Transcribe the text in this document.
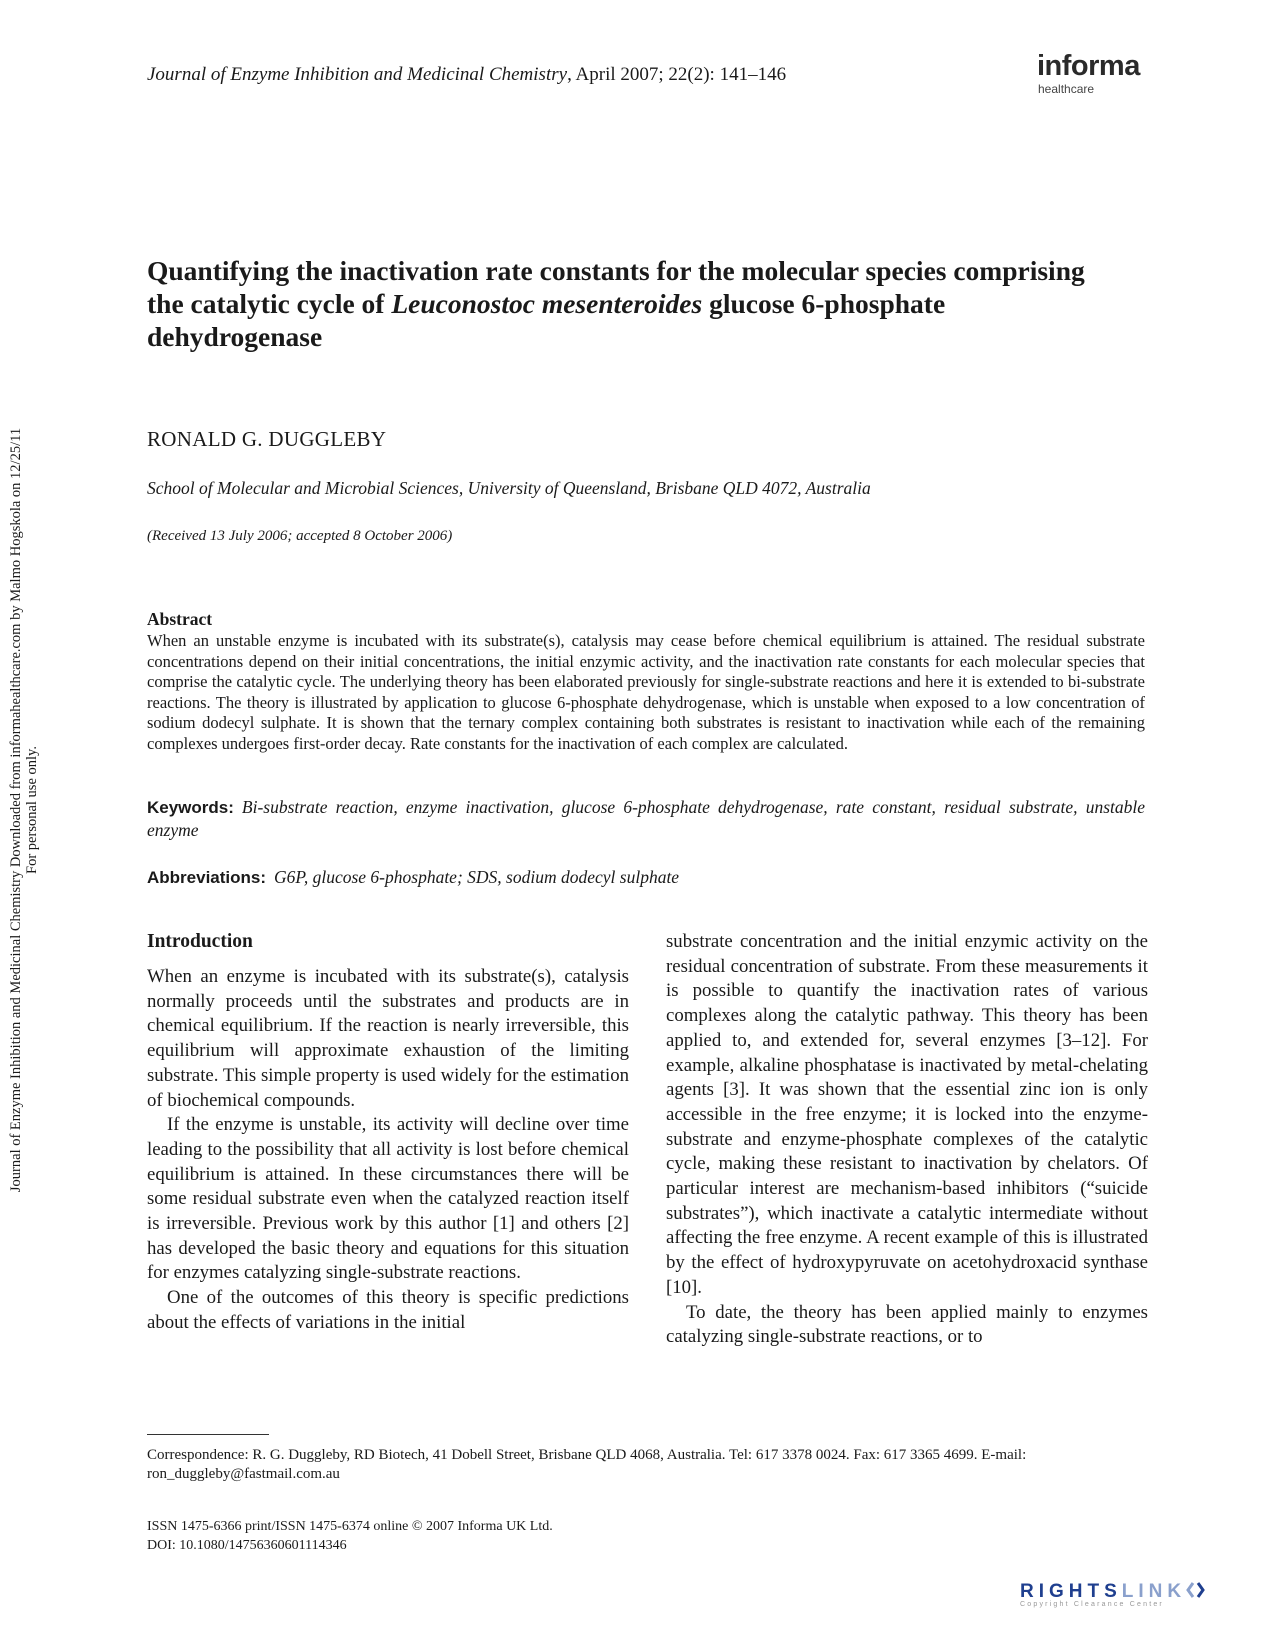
Journal of Enzyme Inhibition and Medicinal Chemistry, April 2007; 22(2): 141–146	informa
healthcare
Quantifying the inactivation rate constants for the molecular species comprising the catalytic cycle of Leuconostoc mesenteroides glucose 6-phosphate dehydrogenase
RONALD G. DUGGLEBY
School of Molecular and Microbial Sciences, University of Queensland, Brisbane QLD 4072, Australia
(Received 13 July 2006; accepted 8 October 2006)
Abstract
When an unstable enzyme is incubated with its substrate(s), catalysis may cease before chemical equilibrium is attained. The residual substrate concentrations depend on their initial concentrations, the initial enzymic activity, and the inactivation rate constants for each molecular species that comprise the catalytic cycle. The underlying theory has been elaborated previously for single-substrate reactions and here it is extended to bi-substrate reactions. The theory is illustrated by application to glucose 6-phosphate dehydrogenase, which is unstable when exposed to a low concentration of sodium dodecyl sulphate. It is shown that the ternary complex containing both substrates is resistant to inactivation while each of the remaining complexes undergoes first-order decay. Rate constants for the inactivation of each complex are calculated.
Keywords: Bi-substrate reaction, enzyme inactivation, glucose 6-phosphate dehydrogenase, rate constant, residual substrate, unstable enzyme
Abbreviations: G6P, glucose 6-phosphate; SDS, sodium dodecyl sulphate
Introduction

When an enzyme is incubated with its substrate(s), catalysis normally proceeds until the substrates and products are in chemical equilibrium. If the reaction is nearly irreversible, this equilibrium will approximate exhaustion of the limiting substrate. This simple property is used widely for the estimation of biochemical compounds.

If the enzyme is unstable, its activity will decline over time leading to the possibility that all activity is lost before chemical equilibrium is attained. In these circumstances there will be some residual substrate even when the catalyzed reaction itself is irreversible. Previous work by this author [1] and others [2] has developed the basic theory and equations for this situation for enzymes catalyzing single-substrate reactions.

One of the outcomes of this theory is specific predictions about the effects of variations in the initial

substrate concentration and the initial enzymic activity on the residual concentration of substrate. From these measurements it is possible to quantify the inactivation rates of various complexes along the catalytic pathway. This theory has been applied to, and extended for, several enzymes [3–12]. For example, alkaline phosphatase is inactivated by metal-chelating agents [3]. It was shown that the essential zinc ion is only accessible in the free enzyme; it is locked into the enzyme-substrate and enzyme-phosphate complexes of the catalytic cycle, making these resistant to inactivation by chelators. Of particular interest are mechanism-based inhibitors (“suicide substrates”), which inactivate a catalytic intermediate without affecting the free enzyme. A recent example of this is illustrated by the effect of hydroxypyruvate on acetohydroxacid synthase [10].

To date, the theory has been applied mainly to enzymes catalyzing single-substrate reactions, or to

Correspondence: R. G. Duggleby, RD Biotech, 41 Dobell Street, Brisbane QLD 4068, Australia. Tel: 617 3378 0024. Fax: 617 3365 4699. E-mail: ron_duggleby@fastmail.com.au
ISSN 1475-6366 print/ISSN 1475-6374 online © 2007 Informa UK Ltd.
DOI: 10.1080/14756360601114346
Journal of Enzyme Inhibition and Medicinal Chemistry Downloaded from informahealthcare.com by Malmo Hogskola on 12/25/11 For personal use only.
RIGHTSLINK
Copyright Clearance Center
